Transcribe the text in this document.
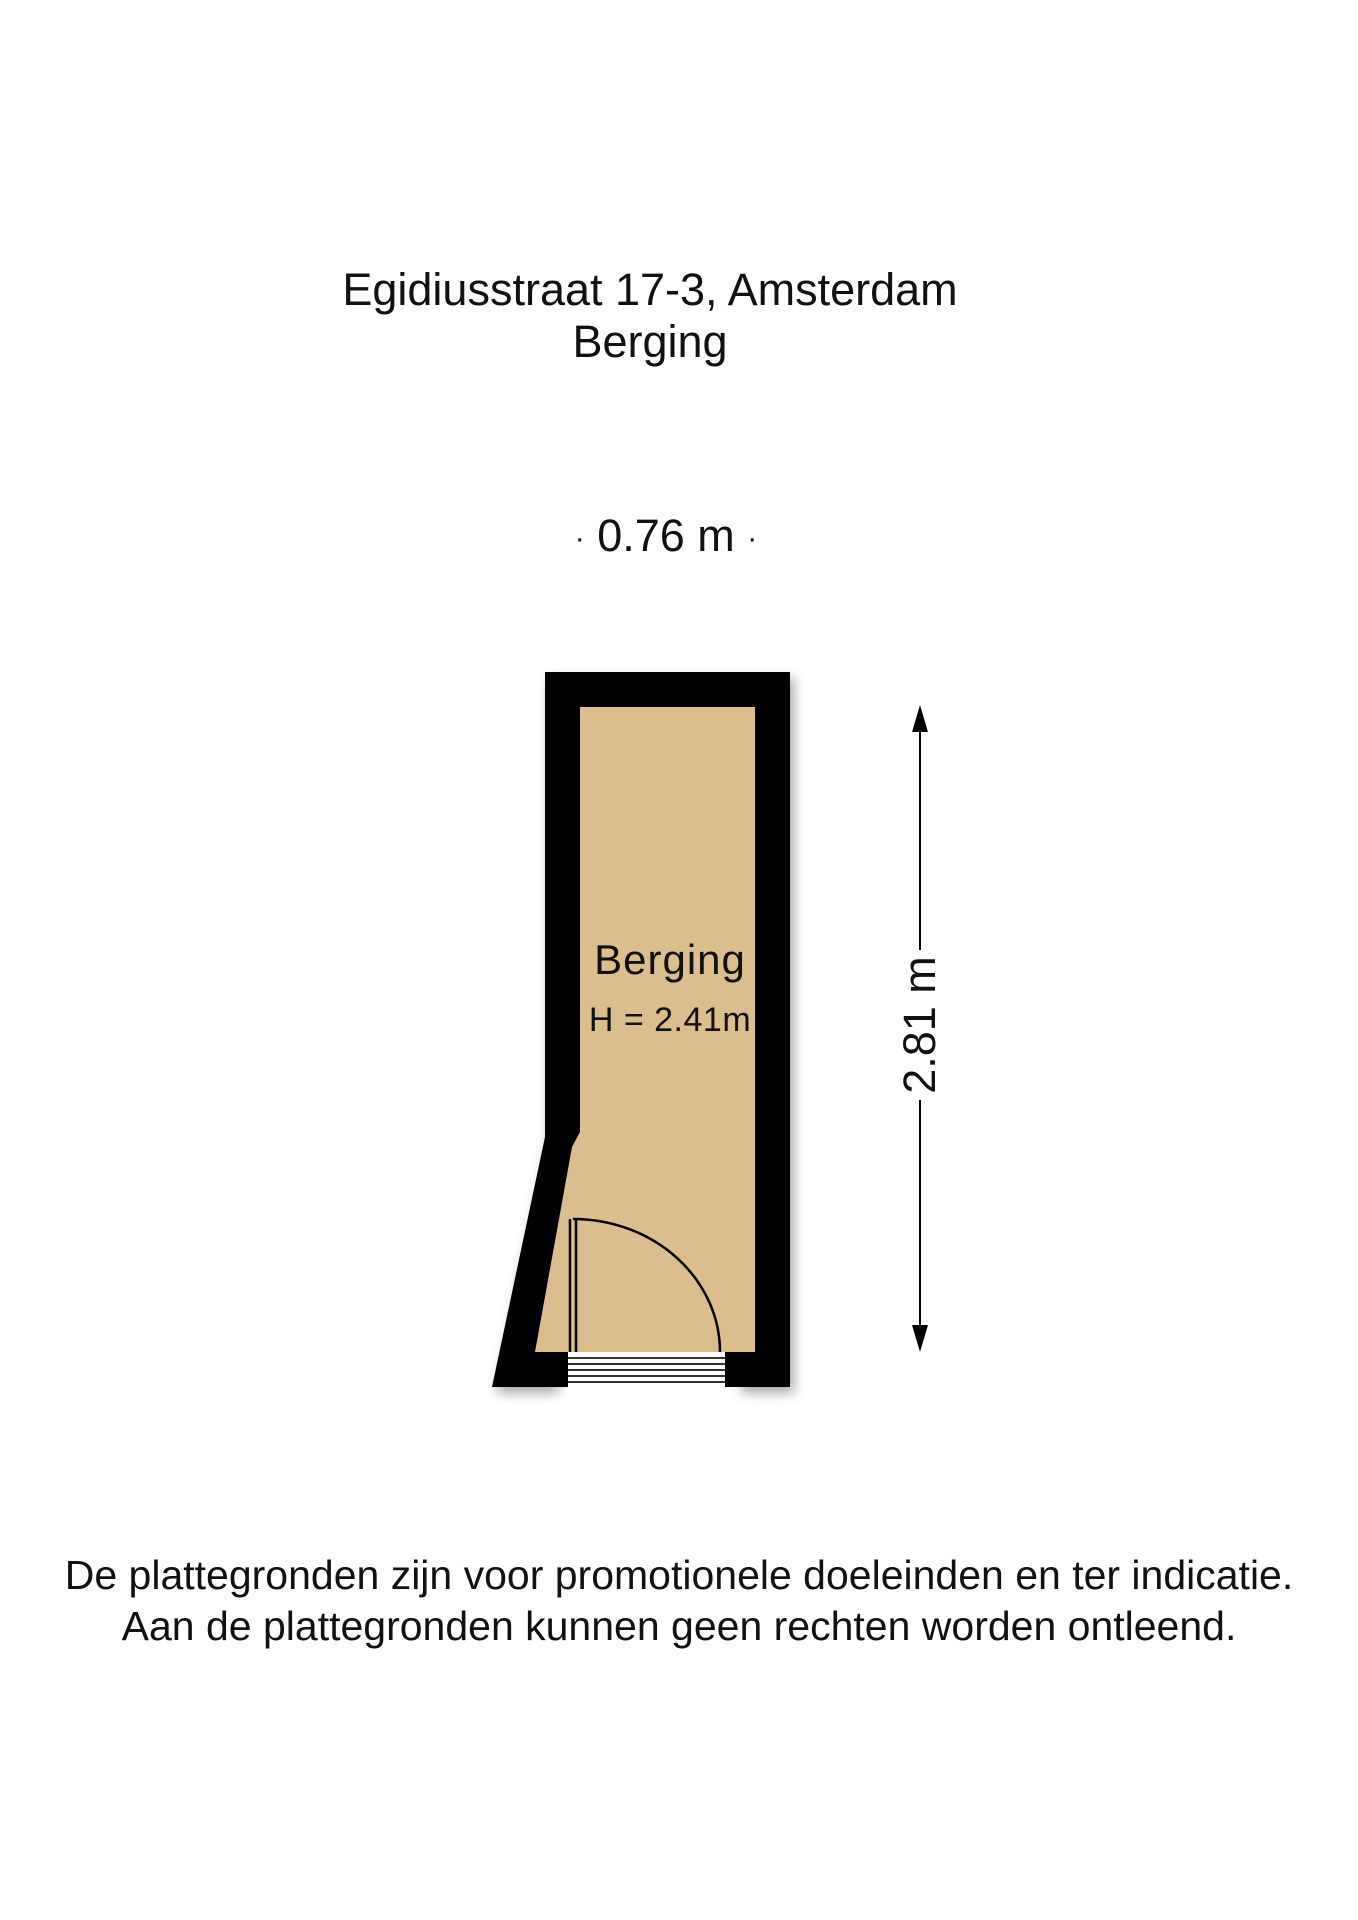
Egidiusstraat 17-3, Amsterdam
Berging
· 0.76 m ·
Berging
H = 2.41m	2.81 m
De plattegronden zijn voor promotionele doeleinden en ter indicatie.
Aan de plattegronden kunnen geen rechten worden ontleend.
